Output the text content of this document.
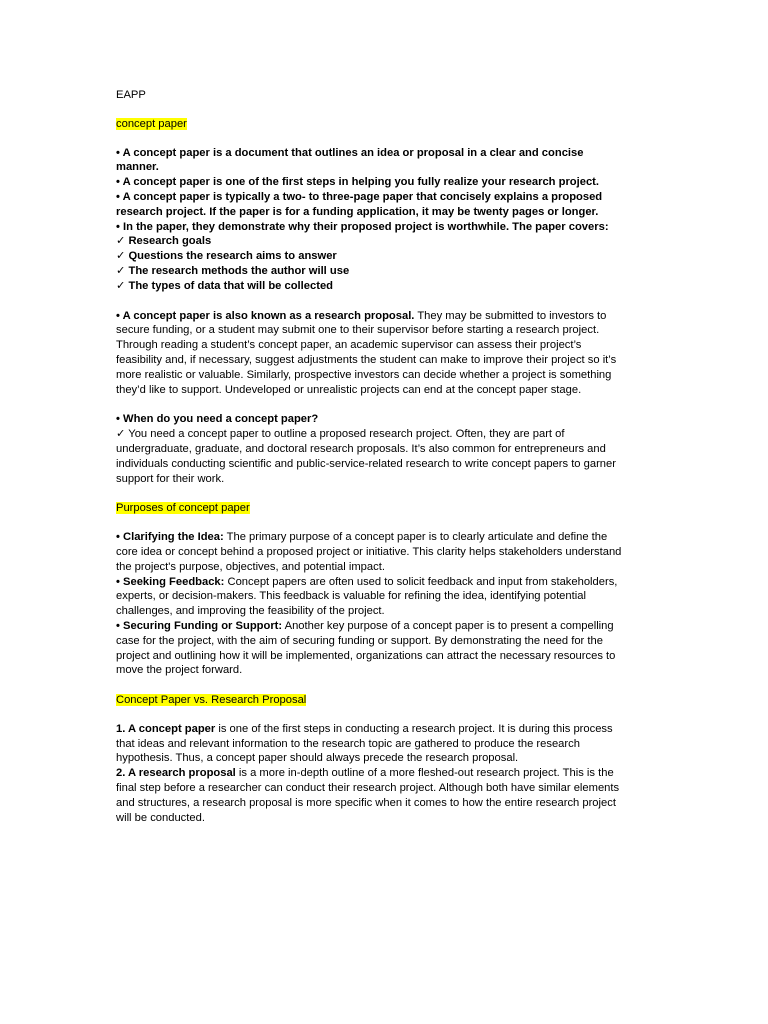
EAPP
concept paper
• A concept paper is a document that outlines an idea or proposal in a clear and concise manner.
• A concept paper is one of the first steps in helping you fully realize your research project.
• A concept paper is typically a two- to three-page paper that concisely explains a proposed research project. If the paper is for a funding application, it may be twenty pages or longer.
• In the paper, they demonstrate why their proposed project is worthwhile. The paper covers:
✓ Research goals
✓ Questions the research aims to answer
✓ The research methods the author will use
✓ The types of data that will be collected
• A concept paper is also known as a research proposal. They may be submitted to investors to secure funding, or a student may submit one to their supervisor before starting a research project. Through reading a student’s concept paper, an academic supervisor can assess their project’s feasibility and, if necessary, suggest adjustments the student can make to improve their project so it’s more realistic or valuable. Similarly, prospective investors can decide whether a project is something they’d like to support. Undeveloped or unrealistic projects can end at the concept paper stage.
• When do you need a concept paper?
✓ You need a concept paper to outline a proposed research project. Often, they are part of undergraduate, graduate, and doctoral research proposals. It’s also common for entrepreneurs and individuals conducting scientific and public-service-related research to write concept papers to garner support for their work.
Purposes of concept paper
• Clarifying the Idea: The primary purpose of a concept paper is to clearly articulate and define the core idea or concept behind a proposed project or initiative. This clarity helps stakeholders understand the project's purpose, objectives, and potential impact.
• Seeking Feedback: Concept papers are often used to solicit feedback and input from stakeholders, experts, or decision-makers. This feedback is valuable for refining the idea, identifying potential challenges, and improving the feasibility of the project.
• Securing Funding or Support: Another key purpose of a concept paper is to present a compelling case for the project, with the aim of securing funding or support. By demonstrating the need for the project and outlining how it will be implemented, organizations can attract the necessary resources to move the project forward.
Concept Paper vs. Research Proposal
1. A concept paper is one of the first steps in conducting a research project. It is during this process that ideas and relevant information to the research topic are gathered to produce the research hypothesis. Thus, a concept paper should always precede the research proposal.
2. A research proposal is a more in-depth outline of a more fleshed-out research project. This is the final step before a researcher can conduct their research project. Although both have similar elements and structures, a research proposal is more specific when it comes to how the entire research project will be conducted.
